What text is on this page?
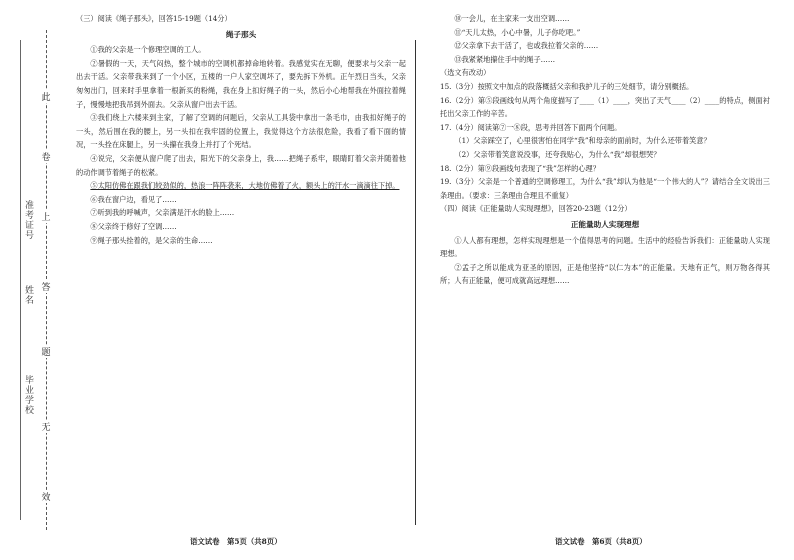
准考证号
姓名
毕业学校
此
卷
上
答
题
无
效
（三）阅读《绳子那头》，回答15-19题（14分）
绳子那头

①我的父亲是一个修理空调的工人。

②暑假的一天，天气闷热，整个城市的空调机都掉命地转着。我感觉实在无聊，便要求与父亲一起出去干活。父亲带我来到了一个小区，五楼的一户人家空调坏了，要先拆下外机。正午烈日当头，父亲匆匆出门，回来时手里拿着一根新买的粉绳，我在身上扣好绳子的一头，然后小心地帮我在外面拉着绳子，慢慢地把我吊到外面去。父亲从窗户出去干活。

③我们绕上六楼来到主家，了解了空调的问题后，父亲从工具袋中拿出一条毛巾，由我扣好绳子的一头，然后围在我的腰上，另一头扣在我牢固的位置上，我觉得这个方法很危险，我看了看下面的情况，一头拴在床腿上，另一头攥在我身上并打了个死结。

④说完，父亲便从窗户爬了出去，阳光下的父亲身上，我……把绳子系牢，眼睛盯着父亲并随着他的动作调节着绳子的松紧。

⑤太阳仿佛在跟我们较劲似的，热浪一阵阵袭来，大地仿佛着了火，额头上的汗水一滴滴往下掉。

⑥我在窗户边，看见了……

⑦听到我的呼喊声，父亲满是汗水的脸上……

⑧父亲终于修好了空调……

⑨绳子那头拴着的，是父亲的生命……

语文试卷　第5页（共8页）

⑩一会儿，在主家来一支出空调……

⑪“天儿太热，小心中暑，儿子你吃吧。”

⑫父亲拿下去干活了，也或我拉着父亲的……

⑬我紧紧地攥住手中的绳子……

（选文有改动）

15.（3分）按照文中加点的段落概括父亲和我护儿子的三处细节，请分别概括。

16.（2分）第⑤段画线句从两个角度描写了____（1）____，突出了天气____（2）____的特点，侧面衬托出父亲工作的辛苦。

17.（4分）阅读第⑦一⑧段，思考并回答下面两个问题。

（1）父亲踩空了，心里很害怕在同学“我”和母亲的面前时，为什么还带着笑意？

（2）父亲带着笑意说没事，还夸我贴心，为什么“我”却很想哭？

18.（2分）第⑨段画线句表现了“我”怎样的心理？

19.（3分）父亲是一个普通的空调修理工，为什么“我”却认为他是“一个伟大的人”？请结合全文说出三条理由。（要求：三条理由合理且不重复）

（四）阅读《正能量助人实现理想》，回答20-23题（12分）
正能量助人实现理想

①人人都有理想，怎样实现理想是一个值得思考的问题。生活中的经验告诉我们：正能量助人实现理想。

②孟子之所以能成为亚圣的原因，正是他坚持“以仁为本”的正能量。天地有正气，则万物各得其所；人有正能量，便可成就高远理想……

语文试卷　第6页（共8页）
